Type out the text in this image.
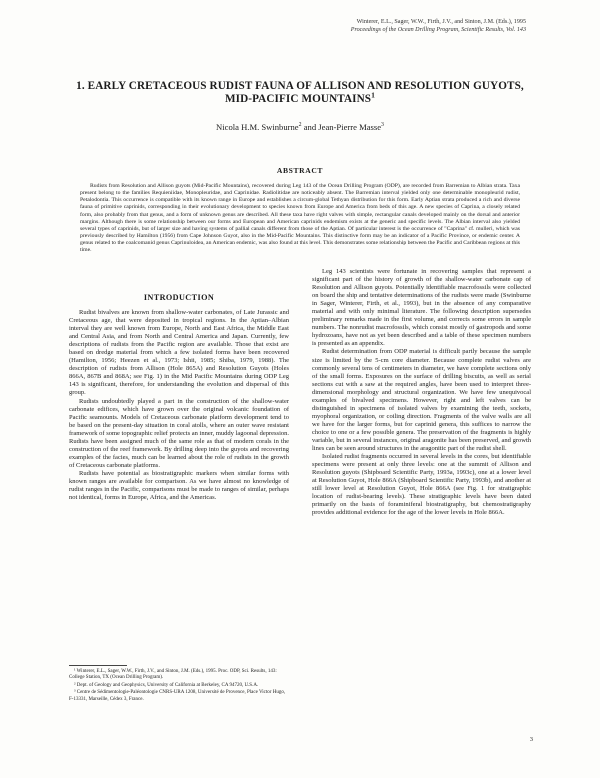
Winterer, E.L., Sager, W.W., Firth, J.V., and Sinton, J.M. (Eds.), 1995
Proceedings of the Ocean Drilling Program, Scientific Results, Vol. 143
1. EARLY CRETACEOUS RUDIST FAUNA OF ALLISON AND RESOLUTION GUYOTS,
MID-PACIFIC MOUNTAINS$^1$
Nicola H.M. Swinburne$^2$ and Jean-Pierre Masse$^3$
ABSTRACT
Rudists from Resolution and Allison guyots (Mid-Pacific Mountains), recovered during Leg 143 of the Ocean Drilling Program (ODP), are recorded from Barremian to Albian strata. Taxa present belong to the families Requieniidae, Monopleuridae, and Caprinidae. Radiolitidae are noticeably absent. The Barremian interval yielded only one determinable monopleurid rudist, Petalodontia. This occurrence is compatible with its known range in Europe and establishes a circum-global Tethyan distribution for this form. Early Aptian strata produced a rich and diverse fauna of primitive caprinids, corresponding in their evolutionary development to species known from Europe and America from beds of this age. A new species of Caprina, a closely related form, also probably from that genus, and a form of unknown genus are described. All these taxa have right valves with simple, rectangular canals developed mainly on the dorsal and anterior margins. Although there is some relationship between our forms and European and American caprinids endemism exists at the generic and specific levels. The Albian interval also yielded several types of caprinids, but of larger size and having systems of pallial canals different from those of the Aptian. Of particular interest is the occurrence of "Caprina" cf. mulleri, which was previously described by Hamilton (1956) from Cape Johnson Guyot, also in the Mid-Pacific Mountains. This distinctive form may be an indicator of a Pacific Province, or endemic center. A genus related to the coalcomanid genus Caprinuloidea, an American endemic, was also found at this level. This demonstrates some relationship between the Pacific and Caribbean regions at this time.
INTRODUCTION

Rudist bivalves are known from shallow-water carbonates, of Late Jurassic and Cretaceous age, that were deposited in tropical regions. In the Aptian–Albian interval they are well known from Europe, North and East Africa, the Middle East and Central Asia, and from North and Central America and Japan. Currently, few descriptions of rudists from the Pacific region are available. Those that exist are based on dredge material from which a few isolated forms have been recovered (Hamilton, 1956; Heezen et al., 1973; Ishii, 1985; Shiba, 1979, 1988). The description of rudists from Allison (Hole 865A) and Resolution Guyots (Holes 866A, 867B and 868A; see Fig. 1) in the Mid Pacific Mountains during ODP Leg 143 is significant, therefore, for understanding the evolution and dispersal of this group.

Rudists undoubtedly played a part in the construction of the shallow-water carbonate edifices, which have grown over the original volcanic foundation of Pacific seamounts. Models of Cretaceous carbonate platform development tend to be based on the present-day situation in coral atolls, where an outer wave resistant framework of some topographic relief protects an inner, muddy lagoonal depression. Rudists have been assigned much of the same role as that of modern corals in the construction of the reef framework. By drilling deep into the guyots and recovering examples of the facies, much can be learned about the role of rudists in the growth of Cretaceous carbonate platforms.

Rudists have potential as biostratigraphic markers when similar forms with known ranges are available for comparison. As we have almost no knowledge of rudist ranges in the Pacific, comparisons must be made to ranges of similar, perhaps not identical, forms in Europe, Africa, and the Americas.

Leg 143 scientists were fortunate in recovering samples that represent a significant part of the history of growth of the shallow-water carbonate cap of Resolution and Allison guyots. Potentially identifiable macrofossils were collected on board the ship and tentative determinations of the rudists were made (Swinburne in Sager, Winterer, Firth, et al., 1993), but in the absence of any comparative material and with only minimal literature. The following description supersedes preliminary remarks made in the first volume, and corrects some errors in sample numbers. The nonrudist macrofossils, which consist mostly of gastropods and some hydrozoans, have not as yet been described and a table of these specimen numbers is presented as an appendix.

Rudist determination from ODP material is difficult partly because the sample size is limited by the 5-cm core diameter. Because complete rudist valves are commonly several tens of centimeters in diameter, we have complete sections only of the small forms. Exposures on the surface of drilling biscuits, as well as serial sections cut with a saw at the required angles, have been used to interpret three-dimensional morphology and structural organization. We have few unequivocal examples of bivalved specimens. However, right and left valves can be distinguished in specimens of isolated valves by examining the teeth, sockets, myophoral organization, or coiling direction. Fragments of the valve walls are all we have for the larger forms, but for caprinid genera, this suffices to narrow the choice to one or a few possible genera. The preservation of the fragments is highly variable, but in several instances, original aragonite has been preserved, and growth lines can be seen around structures in the aragonitic part of the rudist shell.

Isolated rudist fragments occurred in several levels in the cores, but identifiable specimens were present at only three levels: one at the summit of Allison and Resolution guyots (Shipboard Scientific Party, 1993a, 1993c), one at a lower level at Resolution Guyot, Hole 866A (Shipboard Scientific Party, 1993b), and another at still lower level at Resolution Guyot, Hole 866A (see Fig. 1 for stratigraphic location of rudist-bearing levels). These stratigraphic levels have been dated primarily on the basis of foraminiferal biostratigraphy, but chemostratigraphy provides additional evidence for the age of the lower levels in Hole 866A.

¹ Winterer, E.L., Sager, W.W., Firth, J.V., and Sinton, J.M. (Eds.), 1995. Proc. ODP, Sci. Results, 143: College Station, TX (Ocean Drilling Program).

² Dept. of Geology and Geophysics, University of California at Berkeley, CA 94720, U.S.A.

³ Centre de Sédimentologie-Paléontologie CNRS-URA 1208, Université de Provence, Place Victor Hugo, F-13331, Marseille, Cédex 3, France.

3
